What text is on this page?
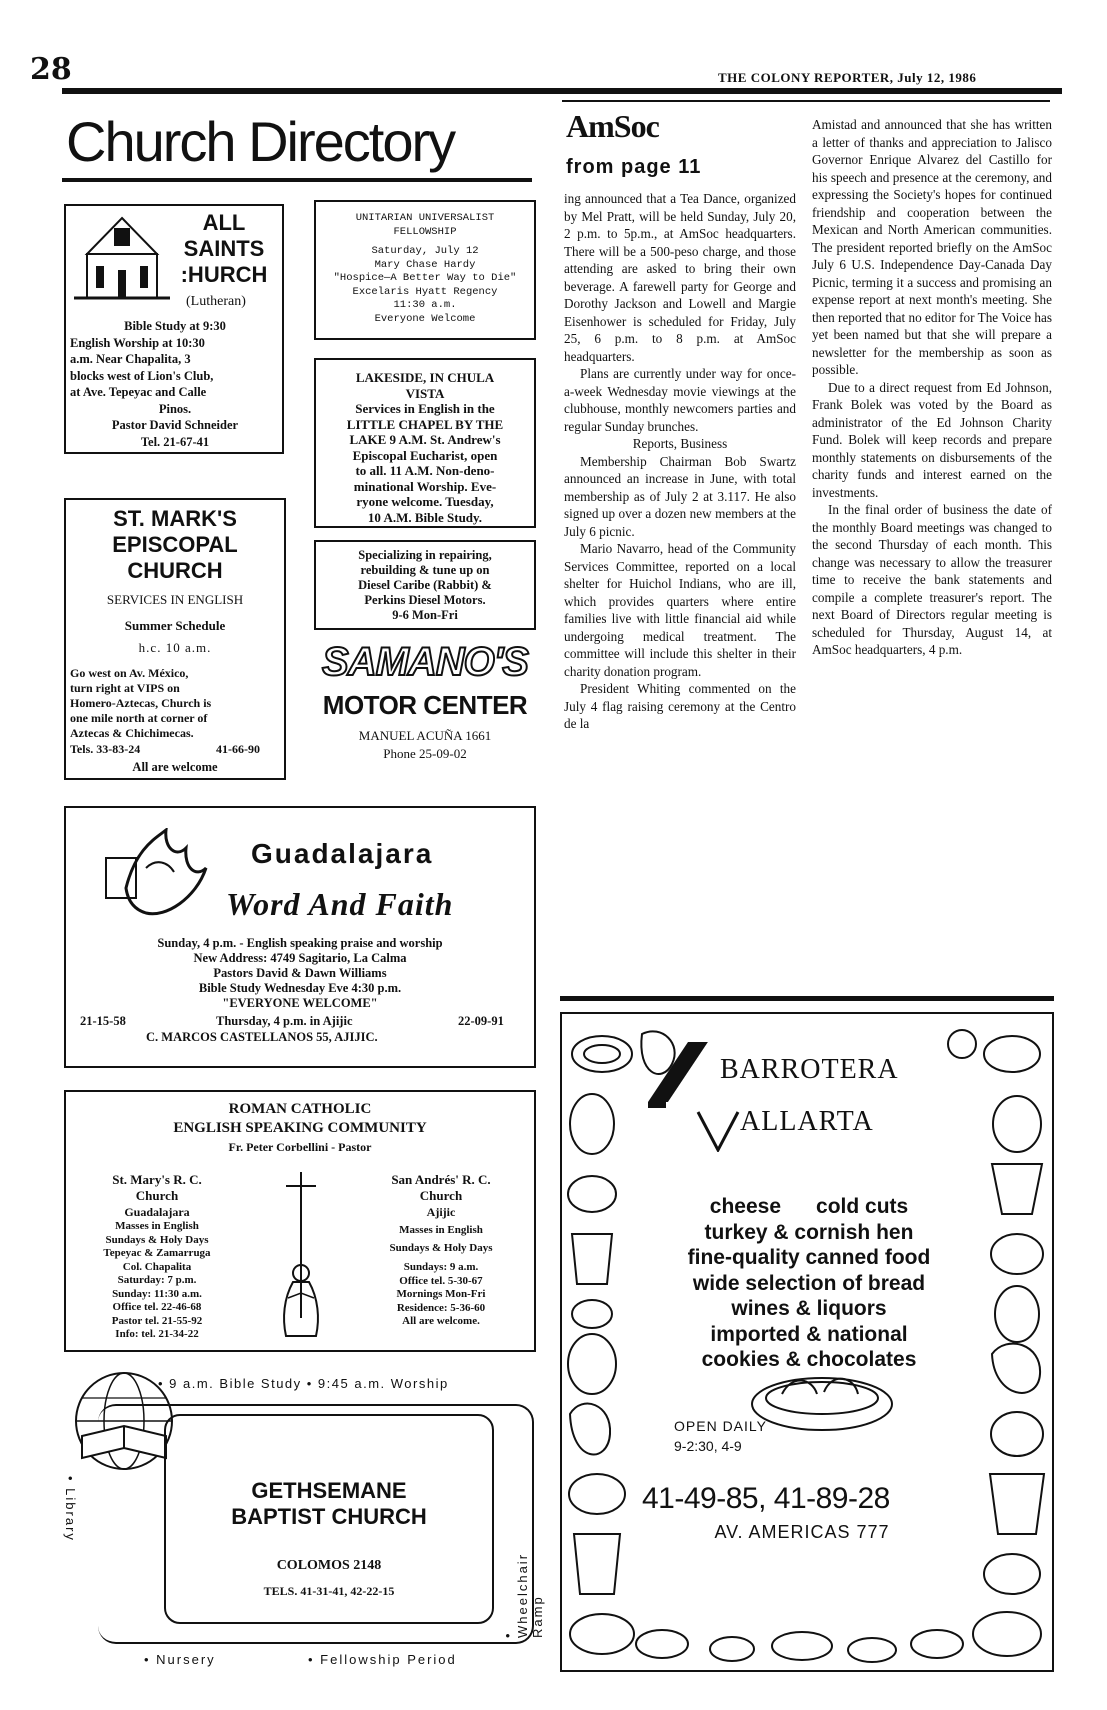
28	THE COLONY REPORTER, July 12, 1986
Church Directory
ALL
SAINTS
:HURCH
(Lutheran)
Bible Study at 9:30
English Worship at 10:30
a.m. Near Chapalita, 3
blocks west of Lion's Club,
at Ave. Tepeyac and Calle
Pinos.
Pastor David Schneider
Tel. 21-67-41
UNITARIAN UNIVERSALIST
FELLOWSHIP
Saturday, July 12
Mary Chase Hardy
"Hospice—A Better Way to Die"
Excelaris Hyatt Regency
11:30 a.m.
Everyone Welcome
LAKESIDE, IN CHULA
VISTA
Services in English in the
LITTLE CHAPEL BY THE
LAKE 9 A.M. St. Andrew's
Episcopal Eucharist, open
to all. 11 A.M. Non-deno-
minational Worship. Eve-
ryone welcome. Tuesday,
10 A.M. Bible Study.
ST. MARK'S
EPISCOPAL
CHURCH
SERVICES IN ENGLISH
Summer Schedule
h.c. 10 a.m.
Go west on Av. México,
turn right at VIPS on
Homero-Aztecas, Church is
one mile north at corner of
Aztecas & Chichimecas.
Tels. 33-83-24	41-66-90
All are welcome
Specializing in repairing,
rebuilding & tune up on
Diesel Caribe (Rabbit) &
Perkins Diesel Motors.
9-6 Mon-Fri
SAMANO'S
MOTOR CENTER
MANUEL ACUÑA 1661
Phone 25-09-02
Guadalajara
Word And Faith
Sunday, 4 p.m. - English speaking praise and worship
New Address: 4749 Sagitario, La Calma
Pastors David & Dawn Williams
Bible Study Wednesday Eve 4:30 p.m.
"EVERYONE WELCOME"
21-15-58	Thursday, 4 p.m. in Ajijic	22-09-91
C. MARCOS CASTELLANOS 55, AJIJIC.
ROMAN CATHOLIC
ENGLISH SPEAKING COMMUNITY
Fr. Peter Corbellini - Pastor
St. Mary's R. C.
Church
Guadalajara
Masses in English
Sundays & Holy Days
Tepeyac & Zamarruga
Col. Chapalita
Saturday: 7 p.m.
Sunday: 11:30 a.m.
Office tel. 22-46-68
Pastor tel. 21-55-92
Info: tel. 21-34-22
San Andrés' R. C.
Church
Ajijic
Masses in English
Sundays & Holy Days
Sundays: 9 a.m.
Office tel. 5-30-67
Mornings Mon-Fri
Residence: 5-36-60
All are welcome.
• 9 a.m. Bible Study • 9:45 a.m. Worship
GETHSEMANE
BAPTIST CHURCH
COLOMOS 2148
TELS. 41-31-41, 42-22-15
• Library
• Wheelchair Ramp
• Nursery	• Fellowship Period
AmSoc
from page 11

ing announced that a Tea Dance, organized by Mel Pratt, will be held Sunday, July 20, 2 p.m. to 5p.m., at AmSoc headquarters. There will be a 500-peso charge, and those attending are asked to bring their own beverage. A farewell party for George and Dorothy Jackson and Lowell and Margie Eisenhower is scheduled for Friday, July 25, 6 p.m. to 8 p.m. at AmSoc headquarters.

Plans are currently under way for once-a-week Wednesday movie viewings at the clubhouse, monthly newcomers parties and regular Sunday brunches.

Reports, Business

Membership Chairman Bob Swartz announced an increase in June, with total membership as of July 2 at 3.117. He also signed up over a dozen new members at the July 6 picnic.

Mario Navarro, head of the Community Services Committee, reported on a local shelter for Huichol Indians, who are ill, which provides quarters where entire families live with little financial aid while undergoing medical treatment. The committee will include this shelter in their charity donation program.

President Whiting commented on the July 4 flag raising ceremony at the Centro de la

Amistad and announced that she has written a letter of thanks and appreciation to Jalisco Governor Enrique Alvarez del Castillo for his speech and presence at the ceremony, and expressing the Society's hopes for continued friendship and cooperation between the Mexican and North American communities. The president reported briefly on the AmSoc July 6 U.S. Independence Day-Canada Day Picnic, terming it a success and promising an expense report at next month's meeting. She then reported that no editor for The Voice has yet been named but that she will prepare a newsletter for the membership as soon as possible.

Due to a direct request from Ed Johnson, Frank Bolek was voted by the Board as administrator of the Ed Johnson Charity Fund. Bolek will keep records and prepare monthly statements on disbursements of the charity funds and interest earned on the investments.

In the final order of business the date of the monthly Board meetings was changed to the second Thursday of each month. This change was necessary to allow the treasurer time to receive the bank statements and compile a complete treasurer's report. The next Board of Directors regular meeting is scheduled for Thursday, August 14, at AmSoc headquarters, 4 p.m.

BARROTERA
ALLARTA
cheese      cold cuts
turkey & cornish hen
fine-quality canned food
wide selection of bread
wines & liquors
imported & national
cookies & chocolates
OPEN DAILY
9-2:30, 4-9
41-49-85, 41-89-28
AV. AMERICAS 777
